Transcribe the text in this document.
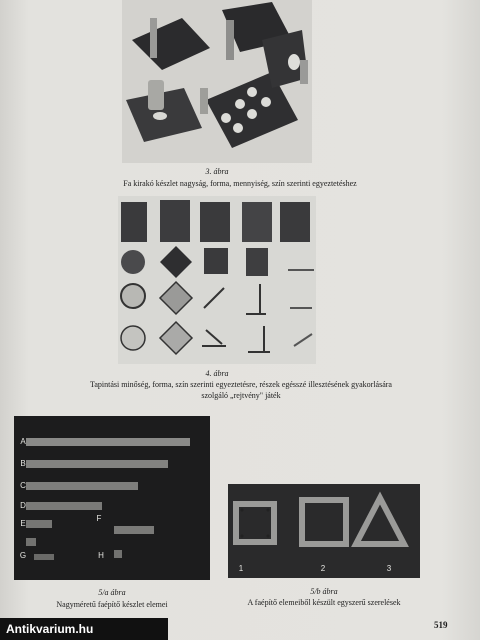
3. ábra
Fa kirakó készlet nagyság, forma, mennyiség, szín szerinti egyeztetéshez
4. ábra
Tapintási minőség, forma, szín szerinti egyeztetésre, részek egésszé illesztésének gyakorlására
szolgáló „rejtvény" játék
A
B
C
D
E
F
G	H
5/a ábra
Nagyméretű faépítő készlet elemei
1	2	3
5/b ábra
A faépítő elemeiből készült egyszerű szerelések
519
Antikvarium.hu
